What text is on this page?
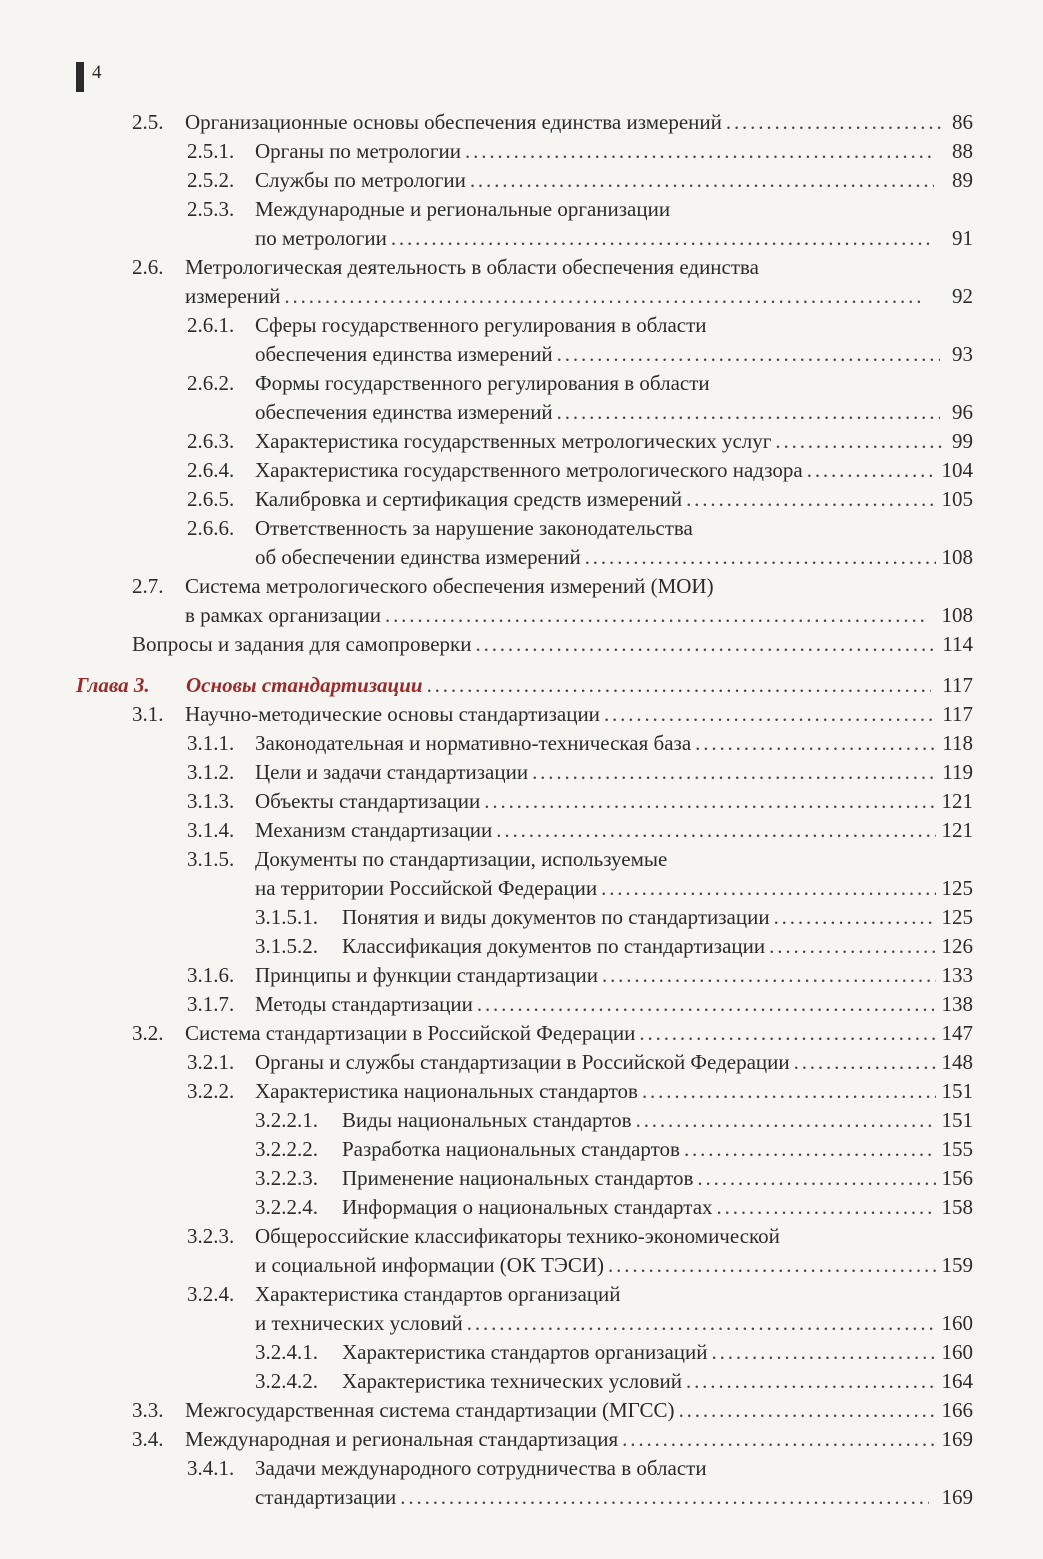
4
2.5. Организационные основы обеспечения единства измерений . . .	86
2.5.1. Органы по метрологии . . .	88
2.5.2. Службы по метрологии . . .	89
2.5.3. Международные и региональные организации
по метрологии . . .	91
2.6. Метрологическая деятельность в области обеспечения единства
измерений . . .	92
2.6.1. Сферы государственного регулирования в области
обеспечения единства измерений . . .	93
2.6.2. Формы государственного регулирования в области
обеспечения единства измерений . . .	96
2.6.3. Характеристика государственных метрологических услуг . . .	99
2.6.4. Характеристика государственного метрологического надзора . . .	104
2.6.5. Калибровка и сертификация средств измерений . . .	105
2.6.6. Ответственность за нарушение законодательства
об обеспечении единства измерений . . .	108
2.7. Система метрологического обеспечения измерений (МОИ)
в рамках организации . . .	108
Вопросы и задания для самопроверки . . .	114
Глава 3. Основы стандартизации . . .	117
3.1. Научно-методические основы стандартизации . . .	117
3.1.1. Законодательная и нормативно-техническая база . . .	118
3.1.2. Цели и задачи стандартизации . . .	119
3.1.3. Объекты стандартизации . . .	121
3.1.4. Механизм стандартизации . . .	121
3.1.5. Документы по стандартизации, используемые
на территории Российской Федерации . . .	125
3.1.5.1. Понятия и виды документов по стандартизации . . .	125
3.1.5.2. Классификация документов по стандартизации . . .	126
3.1.6. Принципы и функции стандартизации . . .	133
3.1.7. Методы стандартизации . . .	138
3.2. Система стандартизации в Российской Федерации . . .	147
3.2.1. Органы и службы стандартизации в Российской Федерации . . .	148
3.2.2. Характеристика национальных стандартов . . .	151
3.2.2.1. Виды национальных стандартов . . .	151
3.2.2.2. Разработка национальных стандартов . . .	155
3.2.2.3. Применение национальных стандартов . . .	156
3.2.2.4. Информация о национальных стандартах . . .	158
3.2.3. Общероссийские классификаторы технико-экономической
и социальной информации (ОК ТЭСИ) . . .	159
3.2.4. Характеристика стандартов организаций
и технических условий . . .	160
3.2.4.1. Характеристика стандартов организаций . . .	160
3.2.4.2. Характеристика технических условий . . .	164
3.3. Межгосударственная система стандартизации (МГСС) . . .	166
3.4. Международная и региональная стандартизация . . .	169
3.4.1. Задачи международного сотрудничества в области
стандартизации . . .	169
